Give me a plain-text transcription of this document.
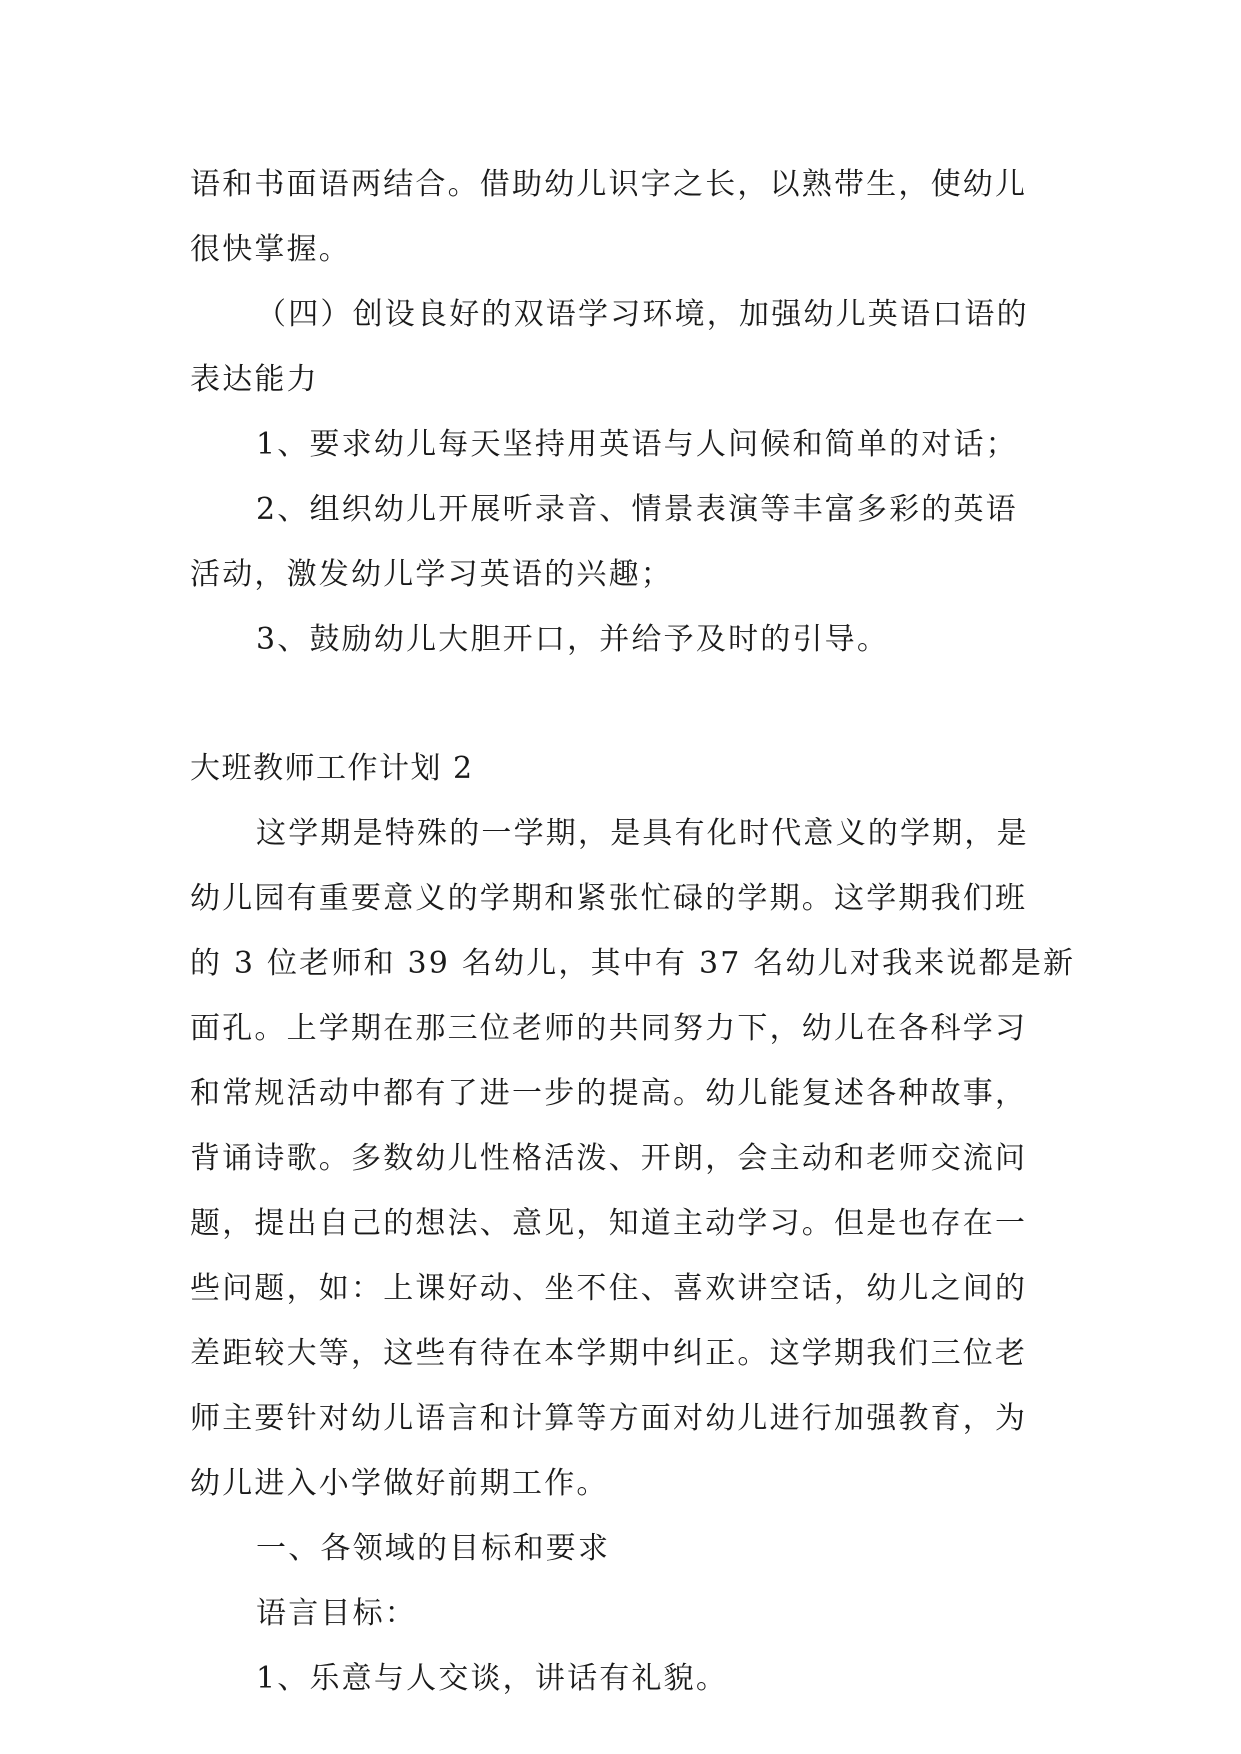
语和书面语两结合。借助幼儿识字之长，以熟带生，使幼儿
很快掌握。
（四）创设良好的双语学习环境，加强幼儿英语口语的
表达能力
1、要求幼儿每天坚持用英语与人问候和简单的对话；
2、组织幼儿开展听录音、情景表演等丰富多彩的英语
活动，激发幼儿学习英语的兴趣；
3、鼓励幼儿大胆开口，并给予及时的引导。
大班教师工作计划 2
这学期是特殊的一学期，是具有化时代意义的学期，是
幼儿园有重要意义的学期和紧张忙碌的学期。这学期我们班
的 3 位老师和 39 名幼儿，其中有 37 名幼儿对我来说都是新
面孔。上学期在那三位老师的共同努力下，幼儿在各科学习
和常规活动中都有了进一步的提高。幼儿能复述各种故事，
背诵诗歌。多数幼儿性格活泼、开朗，会主动和老师交流问
题，提出自己的想法、意见，知道主动学习。但是也存在一
些问题，如：上课好动、坐不住、喜欢讲空话，幼儿之间的
差距较大等，这些有待在本学期中纠正。这学期我们三位老
师主要针对幼儿语言和计算等方面对幼儿进行加强教育，为
幼儿进入小学做好前期工作。
一、各领域的目标和要求
语言目标：
1、乐意与人交谈，讲话有礼貌。
